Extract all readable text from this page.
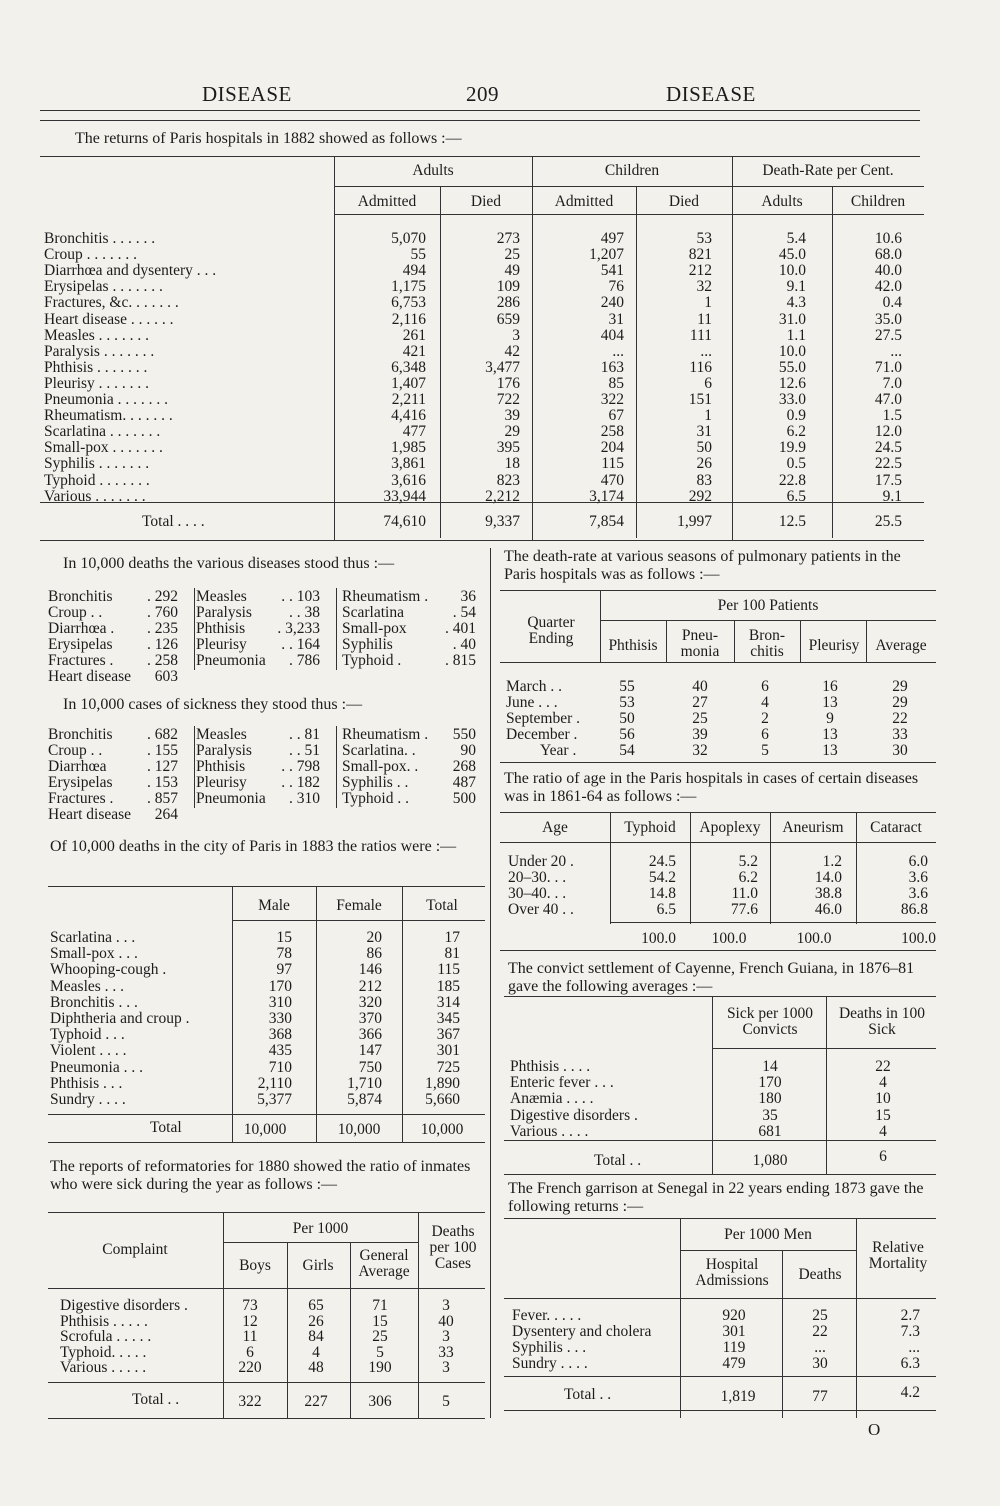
DISEASE	209	DISEASE
The returns of Paris hospitals in 1882 showed as follows :—
Adults	Children	Death-Rate per Cent.
Admitted	Died	Admitted	Died	Adults	Children
Bronchitis . . . . . .	5,070	273	497	53	5.4	10.6
Croup . . . . . . .	55	25	1,207	821	45.0	68.0
Diarrhœa and dysentery . . .	494	49	541	212	10.0	40.0
Erysipelas . . . . . . .	1,175	109	76	32	9.1	42.0
Fractures, &c. . . . . . .	6,753	286	240	1	4.3	0.4
Heart disease . . . . . .	2,116	659	31	11	31.0	35.0
Measles . . . . . . .	261	3	404	111	1.1	27.5
Paralysis . . . . . . .	421	42	...	...	10.0	...
Phthisis . . . . . . .	6,348	3,477	163	116	55.0	71.0
Pleurisy . . . . . . .	1,407	176	85	6	12.6	7.0
Pneumonia . . . . . . .	2,211	722	322	151	33.0	47.0
Rheumatism. . . . . . .	4,416	39	67	1	0.9	1.5
Scarlatina . . . . . . .	477	29	258	31	6.2	12.0
Small-pox . . . . . . .	1,985	395	204	50	19.9	24.5
Syphilis . . . . . . .	3,861	18	115	26	0.5	22.5
Typhoid . . . . . . .	3,616	823	470	83	22.8	17.5
Various . . . . . . .	33,944	2,212	3,174	292	6.5	9.1
Total . . . .	74,610	9,337	7,854	1,997	12.5	25.5
In 10,000 deaths the various diseases stood thus :—
Bronchitis	. 292
Croup . .	. 760
Diarrhœa .	. 235
Erysipelas	. 126
Fractures .	. 258
Heart disease	603
Measles	. . 103
Paralysis	. . 38
Phthisis	. 3,233
Pleurisy	. . 164
Pneumonia	. 786
Rheumatism .	36
Scarlatina	. 54
Small-pox	. 401
Syphilis	. 40
Typhoid .	. 815
In 10,000 cases of sickness they stood thus :—
Bronchitis	. 682
Croup . .	. 155
Diarrhœa	. 127
Erysipelas	. 153
Fractures .	. 857
Heart disease	264
Measles	. . 81
Paralysis	. . 51
Phthisis	. . 798
Pleurisy	. . 182
Pneumonia	. 310
Rheumatism .	550
Scarlatina. .	90
Small-pox. .	268
Syphilis . .	487
Typhoid . .	500
Of 10,000 deaths in the city of Paris in 1883 the ratios were :—
Male	Female	Total
Scarlatina . . .	15	20	17
Small-pox . . .	78	86	81
Whooping-cough .	97	146	115
Measles . . .	170	212	185
Bronchitis . . .	310	320	314
Diphtheria and croup .	330	370	345
Typhoid . . .	368	366	367
Violent . . . .	435	147	301
Pneumonia . . .	710	750	725
Phthisis . . .	2,110	1,710	1,890
Sundry . . . .	5,377	5,874	5,660
Total	10,000	10,000	10,000
The reports of reformatories for 1880 showed the ratio of inmates who were sick during the year as follows :—
Complaint
Per 1000
Boys	Girls
General Average
Deaths per 100 Cases
Digestive disorders .	73	65	71	3
Phthisis . . . . .	12	26	15	40
Scrofula . . . . .	11	84	25	3
Typhoid. . . . .	6	4	5	33
Various . . . . .	220	48	190	3
Total . .	322	227	306	5
The death-rate at various seasons of pulmonary patients in the Paris hospitals was as follows :—
Quarter Ending
Per 100 Patients
Phthisis
Pneu- monia
Bron- chitis	Pleurisy	Average
March . .	55	40	6	16	29
June . . .	53	27	4	13	29
September .	50	25	2	9	22
December .	56	39	6	13	33
Year .	54	32	5	13	30
The ratio of age in the Paris hospitals in cases of certain diseases was in 1861-64 as follows :—
Age	Typhoid	Apoplexy	Aneurism	Cataract
Under 20 .	24.5	5.2	1.2	6.0
20–30. . .	54.2	6.2	14.0	3.6
30–40. . .	14.8	11.0	38.8	3.6
Over 40 . .	6.5	77.6	46.0	86.8
100.0	100.0	100.0	100.0
The convict settlement of Cayenne, French Guiana, in 1876–81 gave the following averages :—
Sick per 1000 Convicts
Deaths in 100 Sick
Phthisis . . . .	14	22
Enteric fever . . .	170	4
Anæmia . . . .	180	10
Digestive disorders .	35	15
Various . . . .	681	4
Total . .	1,080	6
The French garrison at Senegal in 22 years ending 1873 gave the following returns :—
Per 1000 Men
Hospital Admissions	Deaths
Relative Mortality
Fever. . . . .	920	25	2.7
Dysentery and cholera	301	22	7.3
Syphilis . . .	119	...	...
Sundry . . . .	479	30	6.3
Total . .	1,819	77	4.2
O
